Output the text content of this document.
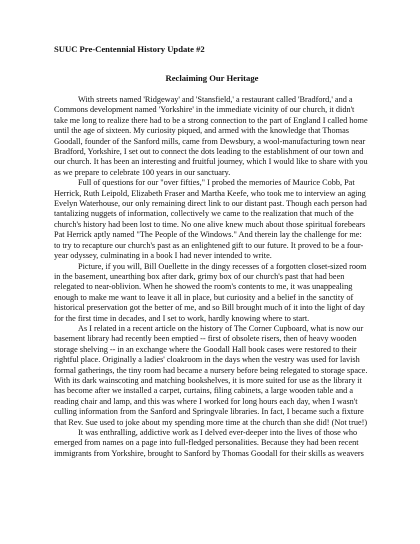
SUUC Pre-Centennial History Update #2
Reclaiming Our Heritage

With streets named 'Ridgeway' and 'Stansfield,' a restaurant called 'Bradford,' and a Commons development named 'Yorkshire' in the immediate vicinity of our church, it didn't take me long to realize there had to be a strong connection to the part of England I called home until the age of sixteen. My curiosity piqued, and armed with the knowledge that Thomas Goodall, founder of the Sanford mills, came from Dewsbury, a wool-manufacturing town near Bradford, Yorkshire, I set out to connect the dots leading to the establishment of our town and our church. It has been an interesting and fruitful journey, which I would like to share with you as we prepare to celebrate 100 years in our sanctuary.

Full of questions for our "over fifties," I probed the memories of Maurice Cobb, Pat Herrick, Ruth Leipold, Elizabeth Fraser and Martha Keefe, who took me to interview an aging Evelyn Waterhouse, our only remaining direct link to our distant past. Though each person had tantalizing nuggets of information, collectively we came to the realization that much of the church's history had been lost to time. No one alive knew much about those spiritual forebears Pat Herrick aptly named "The People of the Windows." And therein lay the challenge for me: to try to recapture our church's past as an enlightened gift to our future. It proved to be a four-year odyssey, culminating in a book I had never intended to write.

Picture, if you will, Bill Ouellette in the dingy recesses of a forgotten closet-sized room in the basement, unearthing box after dark, grimy box of our church's past that had been relegated to near-oblivion. When he showed the room's contents to me, it was unappealing enough to make me want to leave it all in place, but curiosity and a belief in the sanctity of historical preservation got the better of me, and so Bill brought much of it into the light of day for the first time in decades, and I set to work, hardly knowing where to start.

As I related in a recent article on the history of The Corner Cupboard, what is now our basement library had recently been emptied -- first of obsolete risers, then of heavy wooden storage shelving -- in an exchange where the Goodall Hall book cases were restored to their rightful place. Originally a ladies' cloakroom in the days when the vestry was used for lavish formal gatherings, the tiny room had became a nursery before being relegated to storage space. With its dark wainscoting and matching bookshelves, it is more suited for use as the library it has become after we installed a carpet, curtains, filing cabinets, a large wooden table and a reading chair and lamp, and this was where I worked for long hours each day, when I wasn't culling information from the Sanford and Springvale libraries. In fact, I became such a fixture that Rev. Sue used to joke about my spending more time at the church than she did! (Not true!)

It was enthralling, addictive work as I delved ever-deeper into the lives of those who emerged from names on a page into full-fledged personalities. Because they had been recent immigrants from Yorkshire, brought to Sanford by Thomas Goodall for their skills as weavers
